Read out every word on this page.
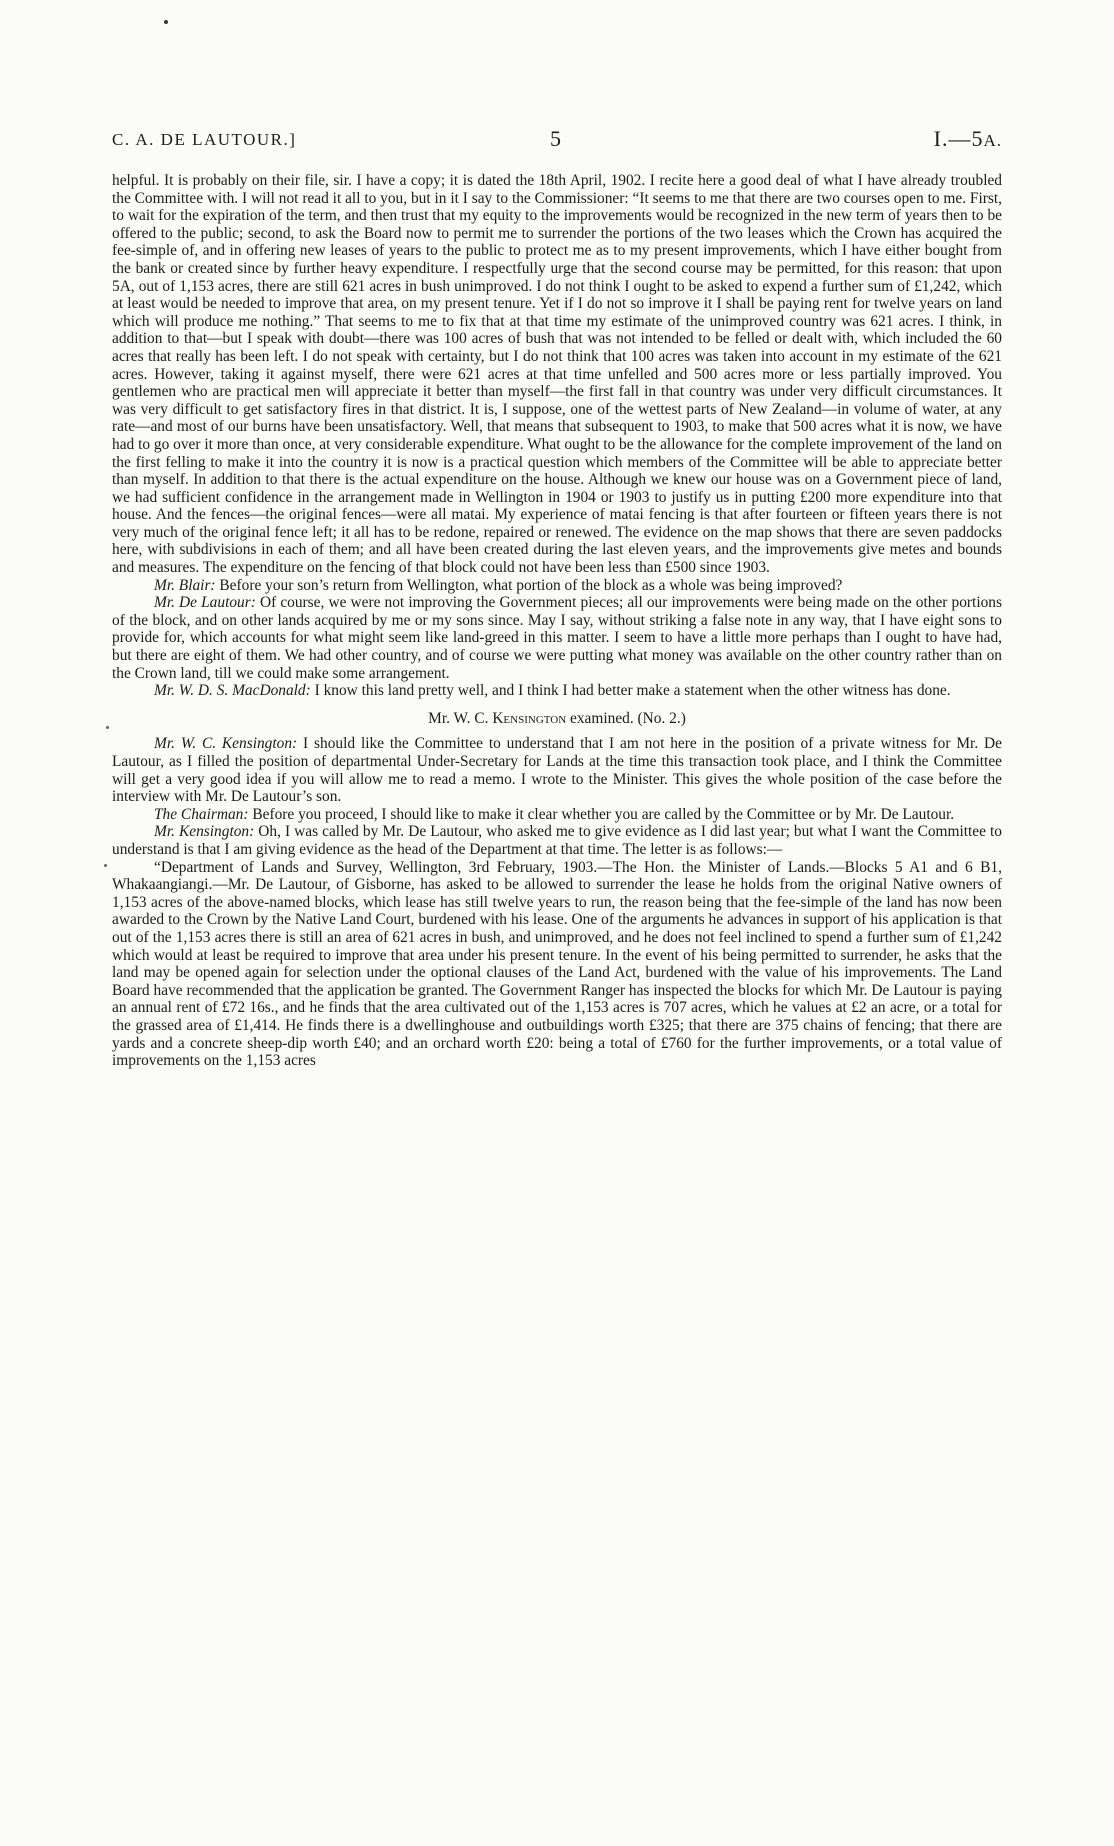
C. A. DE LAUTOUR.]	5	I.—5A.

helpful. It is probably on their file, sir. I have a copy; it is dated the 18th April, 1902. I recite here a good deal of what I have already troubled the Committee with. I will not read it all to you, but in it I say to the Commissioner: “It seems to me that there are two courses open to me. First, to wait for the expiration of the term, and then trust that my equity to the improvements would be recognized in the new term of years then to be offered to the public; second, to ask the Board now to permit me to surrender the portions of the two leases which the Crown has acquired the fee-simple of, and in offering new leases of years to the public to protect me as to my present improvements, which I have either bought from the bank or created since by further heavy expenditure. I respectfully urge that the second course may be permitted, for this reason: that upon 5A, out of 1,153 acres, there are still 621 acres in bush unimproved. I do not think I ought to be asked to expend a further sum of £1,242, which at least would be needed to improve that area, on my present tenure. Yet if I do not so improve it I shall be paying rent for twelve years on land which will produce me nothing.” That seems to me to fix that at that time my estimate of the unimproved country was 621 acres. I think, in addition to that—but I speak with doubt—there was 100 acres of bush that was not intended to be felled or dealt with, which included the 60 acres that really has been left. I do not speak with certainty, but I do not think that 100 acres was taken into account in my estimate of the 621 acres. However, taking it against myself, there were 621 acres at that time unfelled and 500 acres more or less partially improved. You gentlemen who are practical men will appreciate it better than myself—the first fall in that country was under very difficult circumstances. It was very difficult to get satisfactory fires in that district. It is, I suppose, one of the wettest parts of New Zealand—in volume of water, at any rate—and most of our burns have been unsatisfactory. Well, that means that subsequent to 1903, to make that 500 acres what it is now, we have had to go over it more than once, at very considerable expenditure. What ought to be the allowance for the complete improvement of the land on the first felling to make it into the country it is now is a practical question which members of the Committee will be able to appreciate better than myself. In addition to that there is the actual expenditure on the house. Although we knew our house was on a Government piece of land, we had sufficient confidence in the arrangement made in Wellington in 1904 or 1903 to justify us in putting £200 more expenditure into that house. And the fences—the original fences—were all matai. My experience of matai fencing is that after fourteen or fifteen years there is not very much of the original fence left; it all has to be redone, repaired or renewed. The evidence on the map shows that there are seven paddocks here, with subdivisions in each of them; and all have been created during the last eleven years, and the improvements give metes and bounds and measures. The expenditure on the fencing of that block could not have been less than £500 since 1903.

Mr. Blair: Before your son’s return from Wellington, what portion of the block as a whole was being improved?

Mr. De Lautour: Of course, we were not improving the Government pieces; all our improvements were being made on the other portions of the block, and on other lands acquired by me or my sons since. May I say, without striking a false note in any way, that I have eight sons to provide for, which accounts for what might seem like land-greed in this matter. I seem to have a little more perhaps than I ought to have had, but there are eight of them. We had other country, and of course we were putting what money was available on the other country rather than on the Crown land, till we could make some arrangement.

Mr. W. D. S. MacDonald: I know this land pretty well, and I think I had better make a statement when the other witness has done.

Mr. W. C. Kensington examined. (No. 2.)

Mr. W. C. Kensington: I should like the Committee to understand that I am not here in the position of a private witness for Mr. De Lautour, as I filled the position of departmental Under-Secretary for Lands at the time this transaction took place, and I think the Committee will get a very good idea if you will allow me to read a memo. I wrote to the Minister. This gives the whole position of the case before the interview with Mr. De Lautour’s son.

The Chairman: Before you proceed, I should like to make it clear whether you are called by the Committee or by Mr. De Lautour.

Mr. Kensington: Oh, I was called by Mr. De Lautour, who asked me to give evidence as I did last year; but what I want the Committee to understand is that I am giving evidence as the head of the Department at that time. The letter is as follows:—

“Department of Lands and Survey, Wellington, 3rd February, 1903.—The Hon. the Minister of Lands.—Blocks 5 A1 and 6 B1, Whakaangiangi.—Mr. De Lautour, of Gisborne, has asked to be allowed to surrender the lease he holds from the original Native owners of 1,153 acres of the above-named blocks, which lease has still twelve years to run, the reason being that the fee-simple of the land has now been awarded to the Crown by the Native Land Court, burdened with his lease. One of the arguments he advances in support of his application is that out of the 1,153 acres there is still an area of 621 acres in bush, and unimproved, and he does not feel inclined to spend a further sum of £1,242 which would at least be required to improve that area under his present tenure. In the event of his being permitted to surrender, he asks that the land may be opened again for selection under the optional clauses of the Land Act, burdened with the value of his improvements. The Land Board have recommended that the application be granted. The Government Ranger has inspected the blocks for which Mr. De Lautour is paying an annual rent of £72 16s., and he finds that the area cultivated out of the 1,153 acres is 707 acres, which he values at £2 an acre, or a total for the grassed area of £1,414. He finds there is a dwellinghouse and outbuildings worth £325; that there are 375 chains of fencing; that there are yards and a concrete sheep-dip worth £40; and an orchard worth £20: being a total of £760 for the further improvements, or a total value of improvements on the 1,153 acres
